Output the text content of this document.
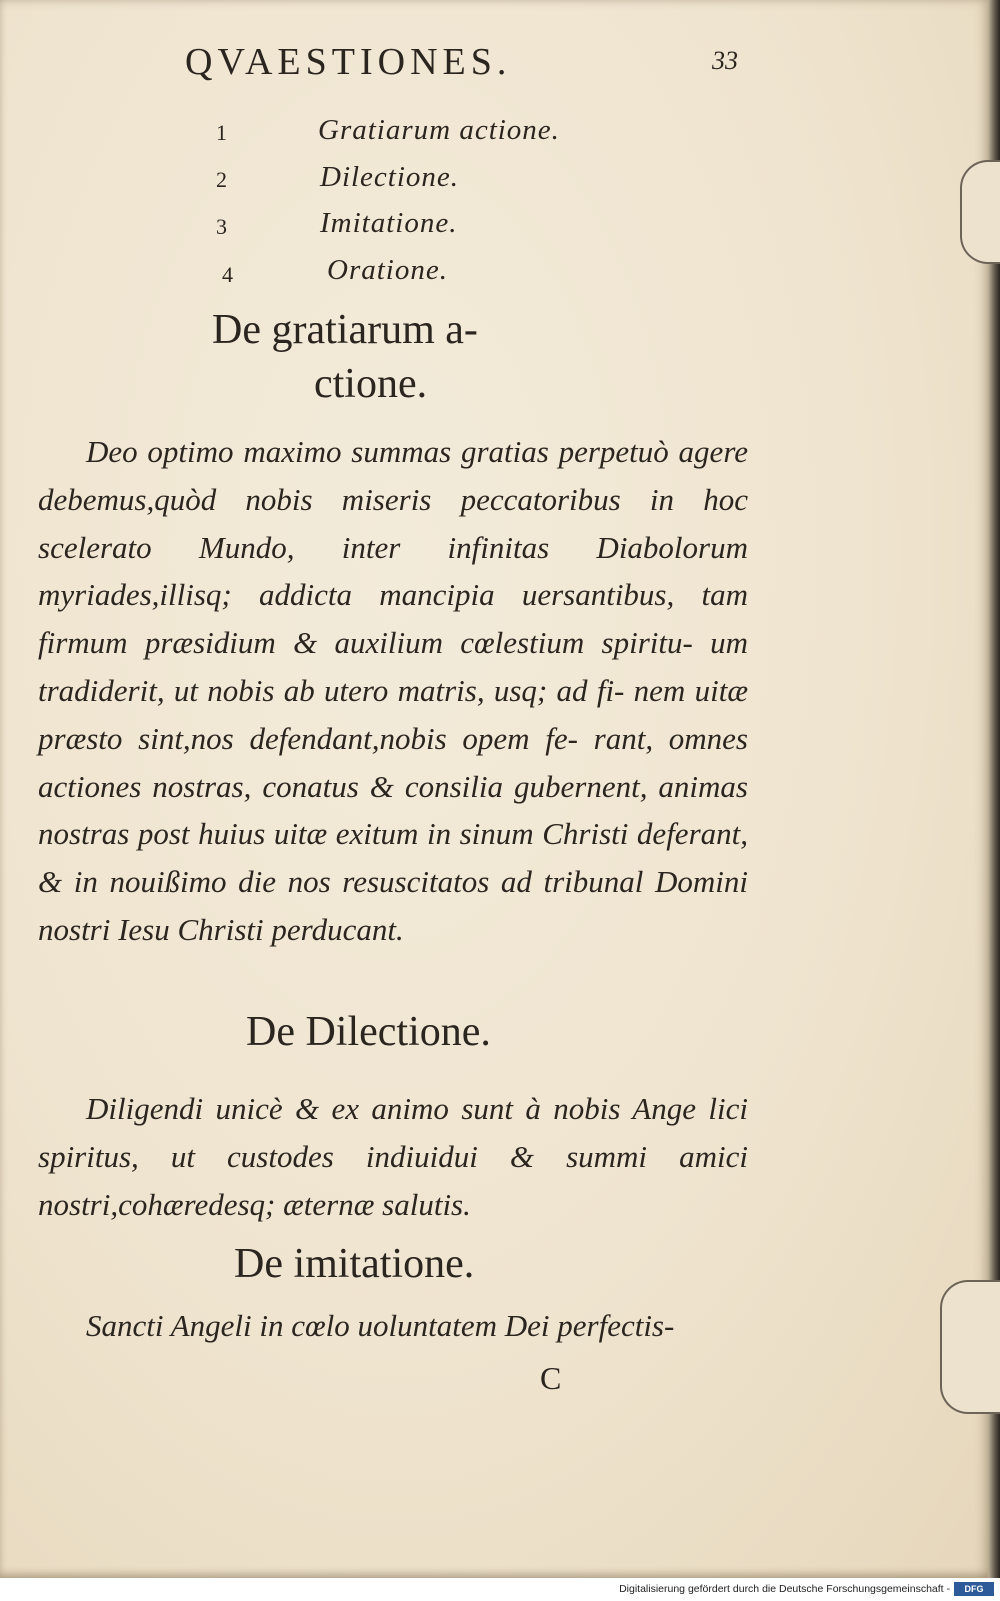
QVAESTIONES.	33
1	Gratiarum actione.
2	Dilectione.
3	Imitatione.
4	Oratione.
De gratiarum a-
ctione.

Deo optimo maximo summas gratias perpetuò agere debemus,quòd nobis miseris peccatoribus in hoc scelerato Mundo, inter infinitas Diabolorum myriades,illisq; addicta mancipia uersantibus, tam firmum præsidium & auxilium cœlestium spiritu- um tradiderit, ut nobis ab utero matris, usq; ad fi- nem uitæ præsto sint,nos defendant,nobis opem fe- rant, omnes actiones nostras, conatus & consilia gubernent, animas nostras post huius uitæ exitum in sinum Christi deferant, & in nouißimo die nos resuscitatos ad tribunal Domini nostri Iesu Christi perducant.

De Dilectione.

Diligendi unicè & ex animo sunt à nobis Ange lici spiritus, ut custodes indiuidui & summi amici nostri,cohæredesq; æternæ salutis.

De imitatione.

Sancti Angeli in cœlo uoluntatem Dei perfectis-

C
Digitalisierung gefördert durch die Deutsche Forschungsgemeinschaft -	DFG
